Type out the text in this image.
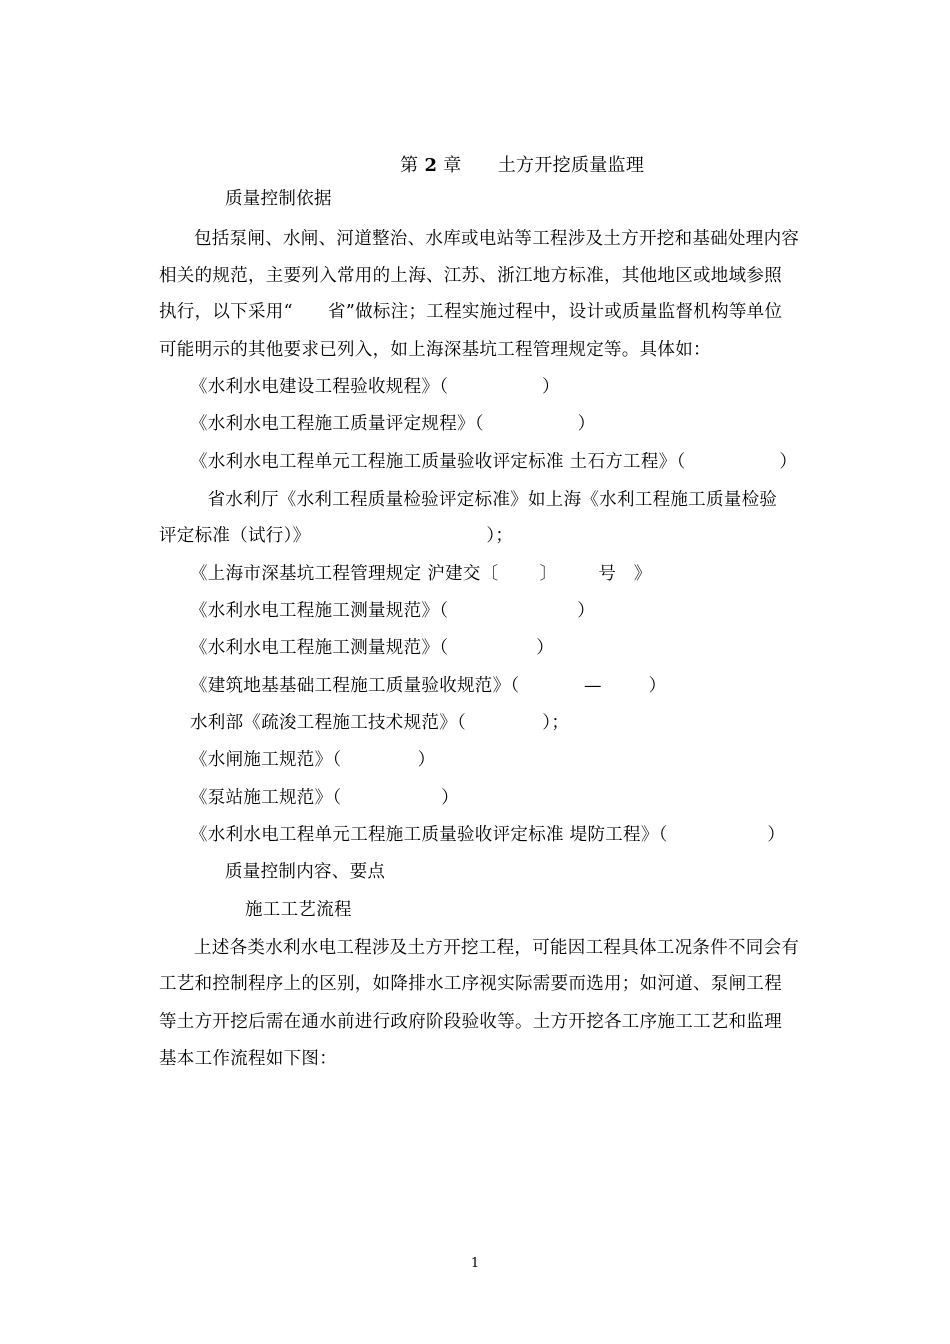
第 2 章 土方开挖质量监理

质量控制依据
包括泵闸、水闸、河道整治、水库或电站等工程涉及土方开挖和基础处理内容
相关的规范，主要列入常用的上海、江苏、浙江地方标准，其他地区或地域参照
执行，以下采用“      省”做标注；工程实施过程中，设计或质量监督机构等单位
可能明示的其他要求已列入，如上海深基坑工程管理规定等。具体如：
《水利水电建设工程验收规程》（                ）
《水利水电工程施工质量评定规程》（                ）
《水利水电工程单元工程施工质量验收评定标准 土石方工程》（                ）
省水利厅《水利工程质量检验评定标准》如上海《水利工程施工质量检验
评定标准（试行）》                              ）；
《上海市深基坑工程管理规定 沪建交〔       〕       号   》
《水利水电工程施工测量规范》（                      ）
《水利水电工程施工测量规范》（               ）
《建筑地基基础工程施工质量验收规范》（           —        ）
水利部《疏浚工程施工技术规范》（             ）；
《水闸施工规范》（             ）
《泵站施工规范》（                 ）
《水利水电工程单元工程施工质量验收评定标准 堤防工程》（                 ）
质量控制内容、要点
施工工艺流程
上述各类水利水电工程涉及土方开挖工程，可能因工程具体工况条件不同会有
工艺和控制程序上的区别，如降排水工序视实际需要而选用；如河道、泵闸工程
等土方开挖后需在通水前进行政府阶段验收等。土方开挖各工序施工工艺和监理
基本工作流程如下图：
1
